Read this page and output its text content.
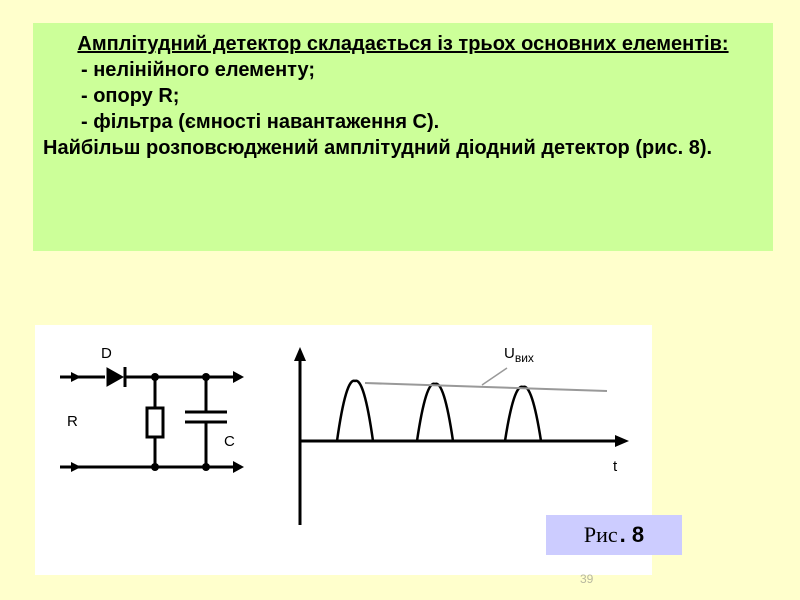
Амплітудний детектор складається із трьох основних елементів:
- нелінійного елементу;
- опору R;
- фільтра (ємності навантаження С).
Найбільш розповсюджений амплітудний діодний детектор (рис. 8).
D
R
C
$U_{вих}$
t
39
Рис . 8
